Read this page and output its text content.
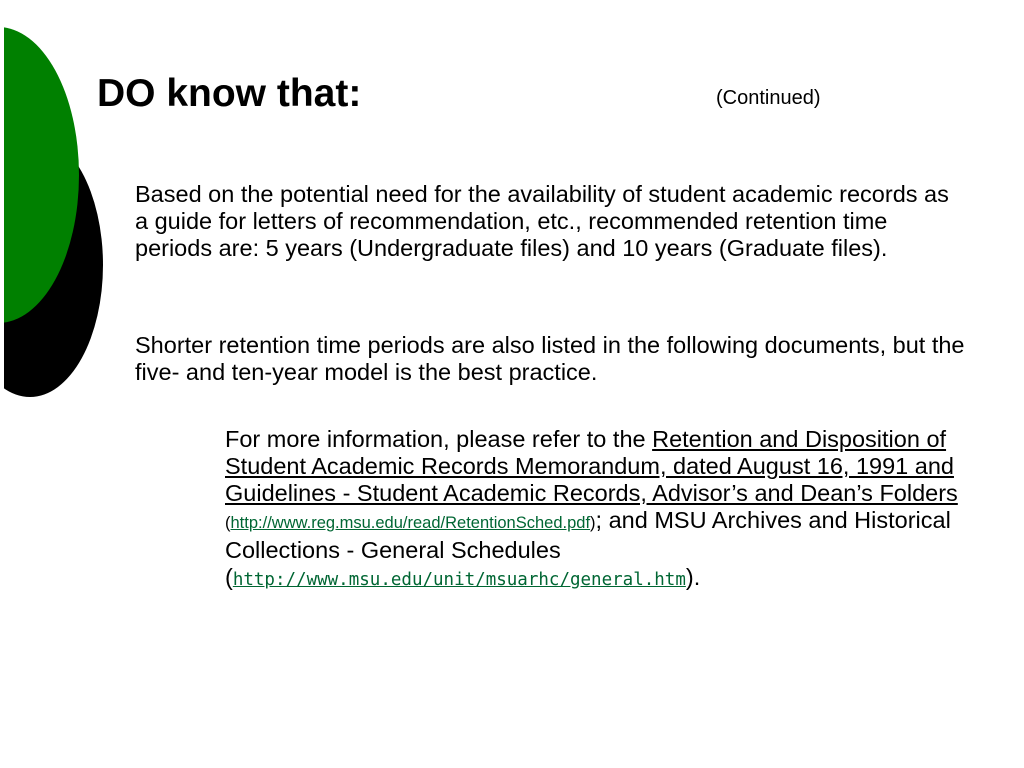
DO know that:	(Continued)

Based on the potential need for the availability of student academic records as a guide for letters of recommendation, etc., recommended retention time periods are: 5 years (Undergraduate files) and 10 years (Graduate files).

Shorter retention time periods are also listed in the following documents, but the five- and ten-year model is the best practice.

For more information, please refer to the Retention and Disposition of Student Academic Records Memorandum, dated August 16, 1991 and Guidelines - Student Academic Records, Advisor’s and Dean’s Folders
(http://www.reg.msu.edu/read/RetentionSched.pdf); and MSU Archives and Historical Collections - General Schedules (http://www.msu.edu/unit/msuarhc/general.htm).
